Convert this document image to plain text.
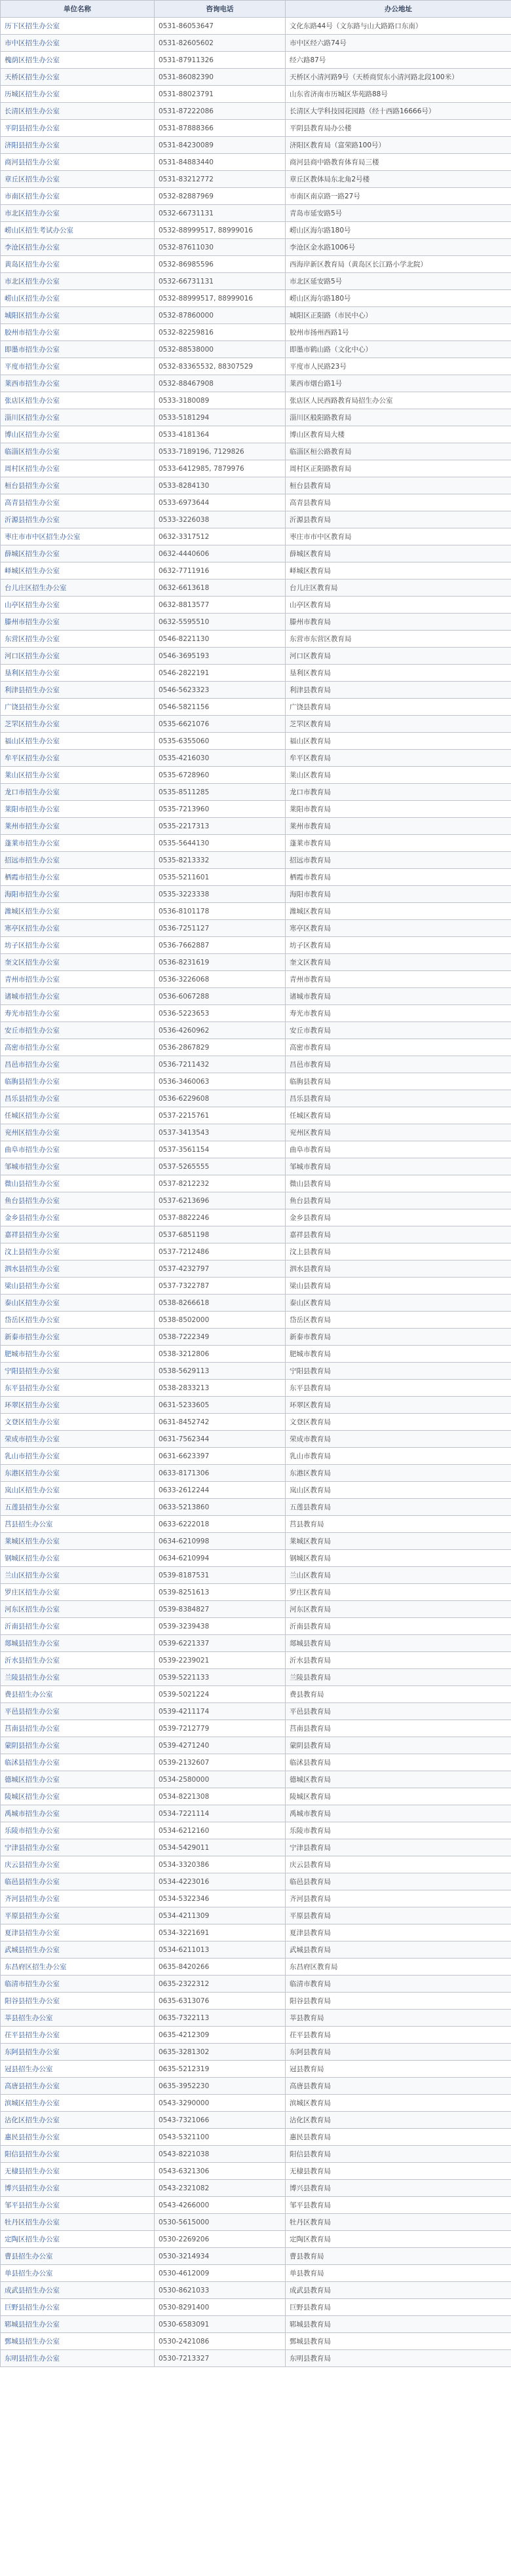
单位名称	咨询电话	办公地址
历下区招生办公室	0531-86053647	文化东路44号（文东路与山大路路口东南）
市中区招生办公室	0531-82605602	市中区经六路74号
槐荫区招生办公室	0531-87911326	经六路87号
天桥区招生办公室	0531-86082390	天桥区小清河路9号（天桥商贸东小清河路北段100米）
历城区招生办公室	0531-88023791	山东省济南市历城区华苑路88号
长清区招生办公室	0531-87222086	长清区大学科技园花园路（经十西路16666号）
平阴县招生办公室	0531-87888366	平阴县教育局办公楼
济阳县招生办公室	0531-84230089	济阳区教育局（富荣路100号）
商河县招生办公室	0531-84883440	商河县商中路教育体育局三楼
章丘区招生办公室	0531-83212772	章丘区教体局东北角2号楼
市南区招生办公室	0532-82887969	市南区南京路一路27号
市北区招生办公室	0532-66731131	青岛市延安路5号
崂山区招生考试办公室	0532-88999517, 88999016	崂山区海尔路180号
李沧区招生办公室	0532-87611030	李沧区金水路1006号
黄岛区招生办公室	0532-86985596	西海岸新区教育局（黄岛区长江路小学北院）
市北区招生办公室	0532-66731131	市北区延安路5号
崂山区招生办公室	0532-88999517, 88999016	崂山区海尔路180号
城阳区招生办公室	0532-87860000	城阳区正阳路（市民中心）
胶州市招生办公室	0532-82259816	胶州市扬州西路1号
即墨市招生办公室	0532-88538000	即墨市鹤山路（文化中心）
平度市招生办公室	0532-83365532, 88307529	平度市人民路23号
莱西市招生办公室	0532-88467908	莱西市烟台路1号
张店区招生办公室	0533-3180089	张店区人民西路教育局招生办公室
淄川区招生办公室	0533-5181294	淄川区般阳路教育局
博山区招生办公室	0533-4181364	博山区教育局大楼
临淄区招生办公室	0533-7189196, 7129826	临淄区桓公路教育局
周村区招生办公室	0533-6412985, 7879976	周村区正阳路教育局
桓台县招生办公室	0533-8284130	桓台县教育局
高青县招生办公室	0533-6973644	高青县教育局
沂源县招生办公室	0533-3226038	沂源县教育局
枣庄市市中区招生办公室	0632-3317512	枣庄市市中区教育局
薛城区招生办公室	0632-4440606	薛城区教育局
峄城区招生办公室	0632-7711916	峄城区教育局
台儿庄区招生办公室	0632-6613618	台儿庄区教育局
山亭区招生办公室	0632-8813577	山亭区教育局
滕州市招生办公室	0632-5595510	滕州市教育局
东营区招生办公室	0546-8221130	东营市东营区教育局
河口区招生办公室	0546-3695193	河口区教育局
垦利区招生办公室	0546-2822191	垦利区教育局
利津县招生办公室	0546-5623323	利津县教育局
广饶县招生办公室	0546-5821156	广饶县教育局
芝罘区招生办公室	0535-6621076	芝罘区教育局
福山区招生办公室	0535-6355060	福山区教育局
牟平区招生办公室	0535-4216030	牟平区教育局
莱山区招生办公室	0535-6728960	莱山区教育局
龙口市招生办公室	0535-8511285	龙口市教育局
莱阳市招生办公室	0535-7213960	莱阳市教育局
莱州市招生办公室	0535-2217313	莱州市教育局
蓬莱市招生办公室	0535-5644130	蓬莱市教育局
招远市招生办公室	0535-8213332	招远市教育局
栖霞市招生办公室	0535-5211601	栖霞市教育局
海阳市招生办公室	0535-3223338	海阳市教育局
潍城区招生办公室	0536-8101178	潍城区教育局
寒亭区招生办公室	0536-7251127	寒亭区教育局
坊子区招生办公室	0536-7662887	坊子区教育局
奎文区招生办公室	0536-8231619	奎文区教育局
青州市招生办公室	0536-3226068	青州市教育局
诸城市招生办公室	0536-6067288	诸城市教育局
寿光市招生办公室	0536-5223653	寿光市教育局
安丘市招生办公室	0536-4260962	安丘市教育局
高密市招生办公室	0536-2867829	高密市教育局
昌邑市招生办公室	0536-7211432	昌邑市教育局
临朐县招生办公室	0536-3460063	临朐县教育局
昌乐县招生办公室	0536-6229608	昌乐县教育局
任城区招生办公室	0537-2215761	任城区教育局
兖州区招生办公室	0537-3413543	兖州区教育局
曲阜市招生办公室	0537-3561154	曲阜市教育局
邹城市招生办公室	0537-5265555	邹城市教育局
微山县招生办公室	0537-8212232	微山县教育局
鱼台县招生办公室	0537-6213696	鱼台县教育局
金乡县招生办公室	0537-8822246	金乡县教育局
嘉祥县招生办公室	0537-6851198	嘉祥县教育局
汶上县招生办公室	0537-7212486	汶上县教育局
泗水县招生办公室	0537-4232797	泗水县教育局
梁山县招生办公室	0537-7322787	梁山县教育局
泰山区招生办公室	0538-8266618	泰山区教育局
岱岳区招生办公室	0538-8502000	岱岳区教育局
新泰市招生办公室	0538-7222349	新泰市教育局
肥城市招生办公室	0538-3212806	肥城市教育局
宁阳县招生办公室	0538-5629113	宁阳县教育局
东平县招生办公室	0538-2833213	东平县教育局
环翠区招生办公室	0631-5233605	环翠区教育局
文登区招生办公室	0631-8452742	文登区教育局
荣成市招生办公室	0631-7562344	荣成市教育局
乳山市招生办公室	0631-6623397	乳山市教育局
东港区招生办公室	0633-8171306	东港区教育局
岚山区招生办公室	0633-2612244	岚山区教育局
五莲县招生办公室	0633-5213860	五莲县教育局
莒县招生办公室	0633-6222018	莒县教育局
莱城区招生办公室	0634-6210998	莱城区教育局
钢城区招生办公室	0634-6210994	钢城区教育局
兰山区招生办公室	0539-8187531	兰山区教育局
罗庄区招生办公室	0539-8251613	罗庄区教育局
河东区招生办公室	0539-8384827	河东区教育局
沂南县招生办公室	0539-3239438	沂南县教育局
郯城县招生办公室	0539-6221337	郯城县教育局
沂水县招生办公室	0539-2239021	沂水县教育局
兰陵县招生办公室	0539-5221133	兰陵县教育局
费县招生办公室	0539-5021224	费县教育局
平邑县招生办公室	0539-4211174	平邑县教育局
莒南县招生办公室	0539-7212779	莒南县教育局
蒙阴县招生办公室	0539-4271240	蒙阴县教育局
临沭县招生办公室	0539-2132607	临沭县教育局
德城区招生办公室	0534-2580000	德城区教育局
陵城区招生办公室	0534-8221308	陵城区教育局
禹城市招生办公室	0534-7221114	禹城市教育局
乐陵市招生办公室	0534-6212160	乐陵市教育局
宁津县招生办公室	0534-5429011	宁津县教育局
庆云县招生办公室	0534-3320386	庆云县教育局
临邑县招生办公室	0534-4223016	临邑县教育局
齐河县招生办公室	0534-5322346	齐河县教育局
平原县招生办公室	0534-4211309	平原县教育局
夏津县招生办公室	0534-3221691	夏津县教育局
武城县招生办公室	0534-6211013	武城县教育局
东昌府区招生办公室	0635-8420266	东昌府区教育局
临清市招生办公室	0635-2322312	临清市教育局
阳谷县招生办公室	0635-6313076	阳谷县教育局
莘县招生办公室	0635-7322113	莘县教育局
茌平县招生办公室	0635-4212309	茌平县教育局
东阿县招生办公室	0635-3281302	东阿县教育局
冠县招生办公室	0635-5212319	冠县教育局
高唐县招生办公室	0635-3952230	高唐县教育局
滨城区招生办公室	0543-3290000	滨城区教育局
沾化区招生办公室	0543-7321066	沾化区教育局
惠民县招生办公室	0543-5321100	惠民县教育局
阳信县招生办公室	0543-8221038	阳信县教育局
无棣县招生办公室	0543-6321306	无棣县教育局
博兴县招生办公室	0543-2321082	博兴县教育局
邹平县招生办公室	0543-4266000	邹平县教育局
牡丹区招生办公室	0530-5615000	牡丹区教育局
定陶区招生办公室	0530-2269206	定陶区教育局
曹县招生办公室	0530-3214934	曹县教育局
单县招生办公室	0530-4612009	单县教育局
成武县招生办公室	0530-8621033	成武县教育局
巨野县招生办公室	0530-8291400	巨野县教育局
郓城县招生办公室	0530-6583091	郓城县教育局
鄄城县招生办公室	0530-2421086	鄄城县教育局
东明县招生办公室	0530-7213327	东明县教育局
